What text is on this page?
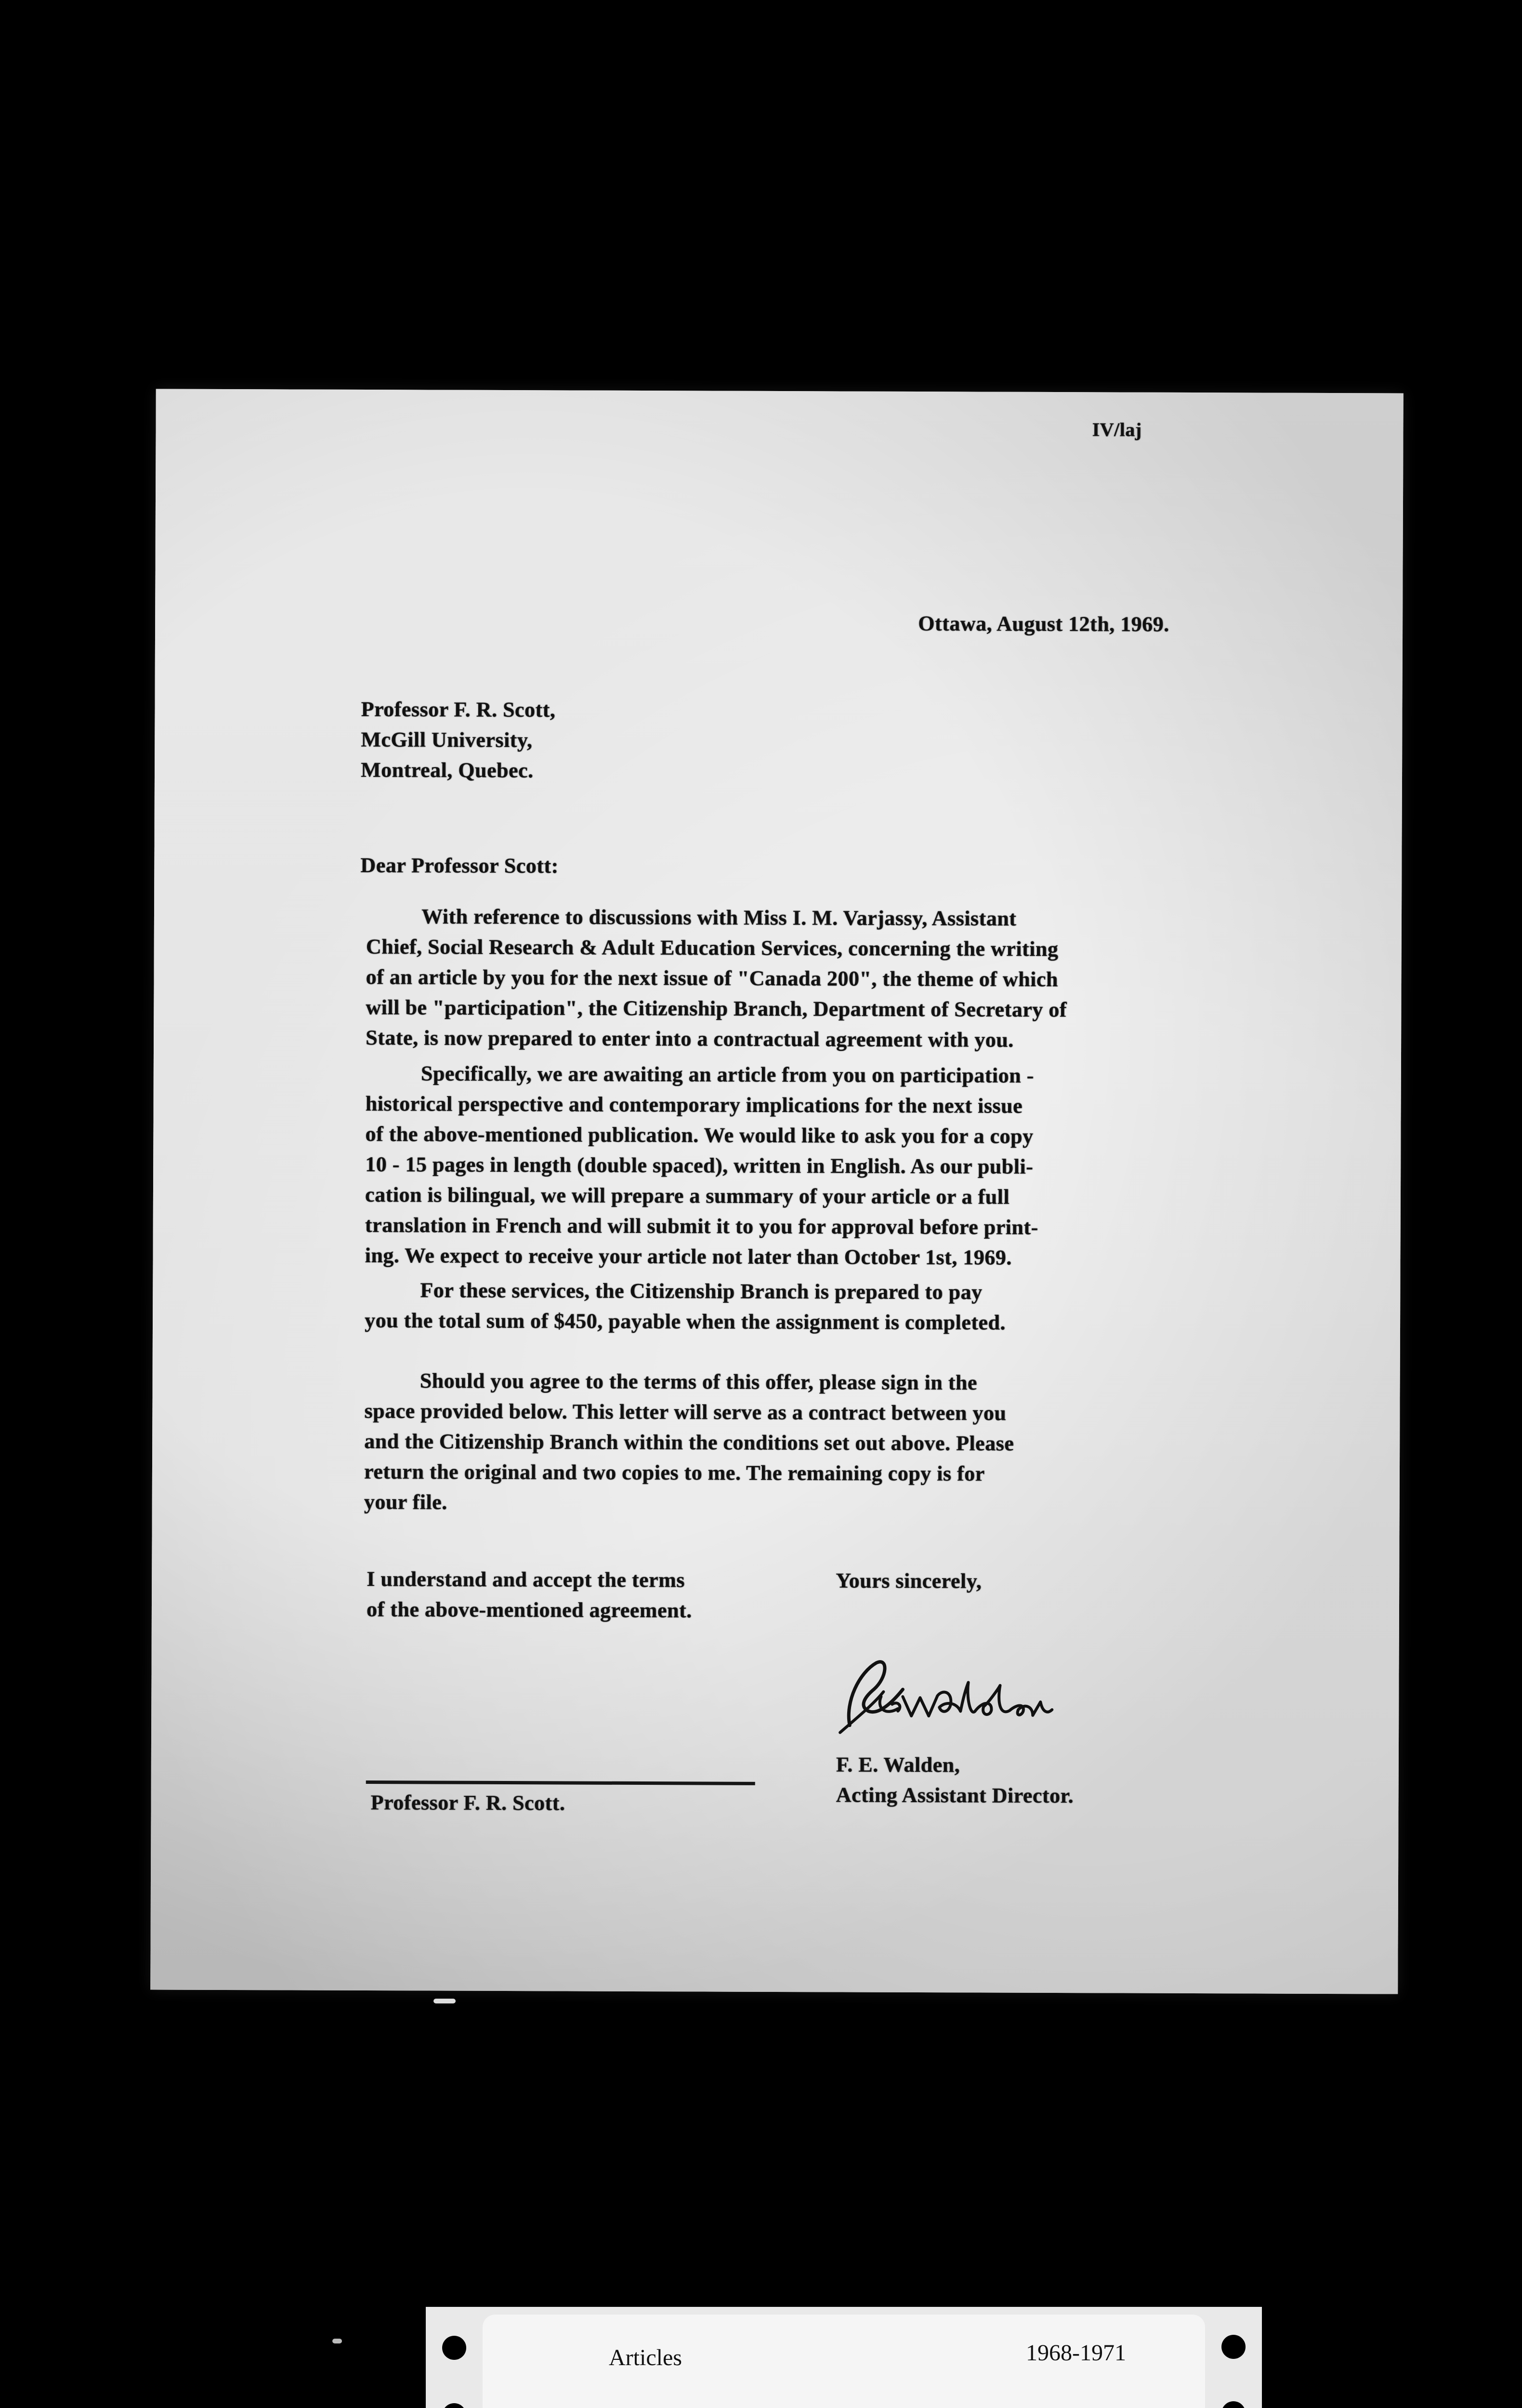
IV/laj
Ottawa, August 12th, 1969.
Professor F. R. Scott,
McGill University,
Montreal, Quebec.
Dear Professor Scott:
With reference to discussions with Miss I. M. Varjassy, Assistant
Chief, Social Research & Adult Education Services, concerning the writing
of an article by you for the next issue of "Canada 200", the theme of which
will be "participation", the Citizenship Branch, Department of Secretary of
State, is now prepared to enter into a contractual agreement with you.
Specifically, we are awaiting an article from you on participation -
historical perspective and contemporary implications for the next issue
of the above-mentioned publication. We would like to ask you for a copy
10 - 15 pages in length (double spaced), written in English. As our publi-
cation is bilingual, we will prepare a summary of your article or a full
translation in French and will submit it to you for approval before print-
ing. We expect to receive your article not later than October 1st, 1969.
For these services, the Citizenship Branch is prepared to pay
you the total sum of $450, payable when the assignment is completed.
Should you agree to the terms of this offer, please sign in the
space provided below. This letter will serve as a contract between you
and the Citizenship Branch within the conditions set out above. Please
return the original and two copies to me. The remaining copy is for
your file.
I understand and accept the terms
of the above-mentioned agreement.
Yours sincerely,
F. E. Walden,
Acting Assistant Director.
Professor F. R. Scott.
Articles	1968-1971
